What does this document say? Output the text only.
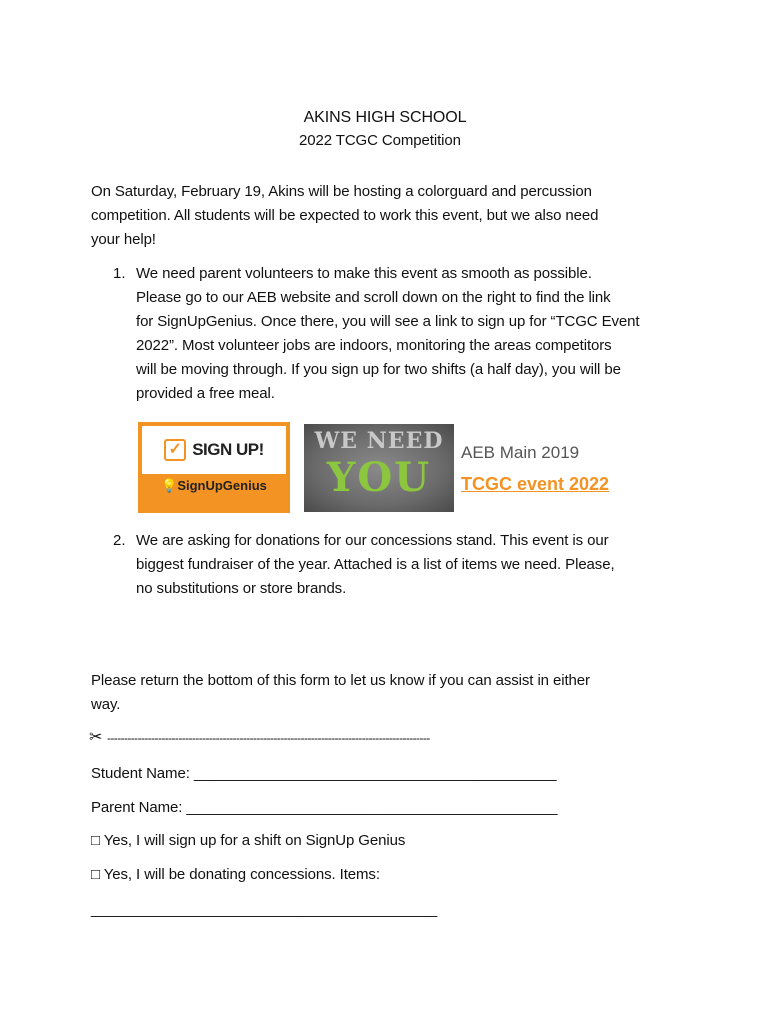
AKINS HIGH SCHOOL
2022 TCGC Competition
On Saturday, February 19, Akins will be hosting a colorguard and percussion
competition. All students will be expected to work this event, but we also need
your help!
1. We need parent volunteers to make this event as smooth as possible.
Please go to our AEB website and scroll down on the right to find the link
for SignUpGenius. Once there, you will see a link to sign up for “TCGC Event
2022”. Most volunteer jobs are indoors, monitoring the areas competitors
will be moving through. If you sign up for two shifts (a half day), you will be
provided a free meal.
✓ SIGN UP!
💡SignUpGenius
WE NEED
YOU
AEB Main 2019
TCGC event 2022
2. We are asking for donations for our concessions stand. This event is our
biggest fundraiser of the year. Attached is a list of items we need. Please,
no substitutions or store brands.
Please return the bottom of this form to let us know if you can assist in either
way.
✂ -----------------------------------------------------------------------------------------------
Student Name: ____________________________________________
Parent Name: _____________________________________________
□ Yes, I will sign up for a shift on SignUp Genius
□ Yes, I will be donating concessions. Items:
__________________________________________
